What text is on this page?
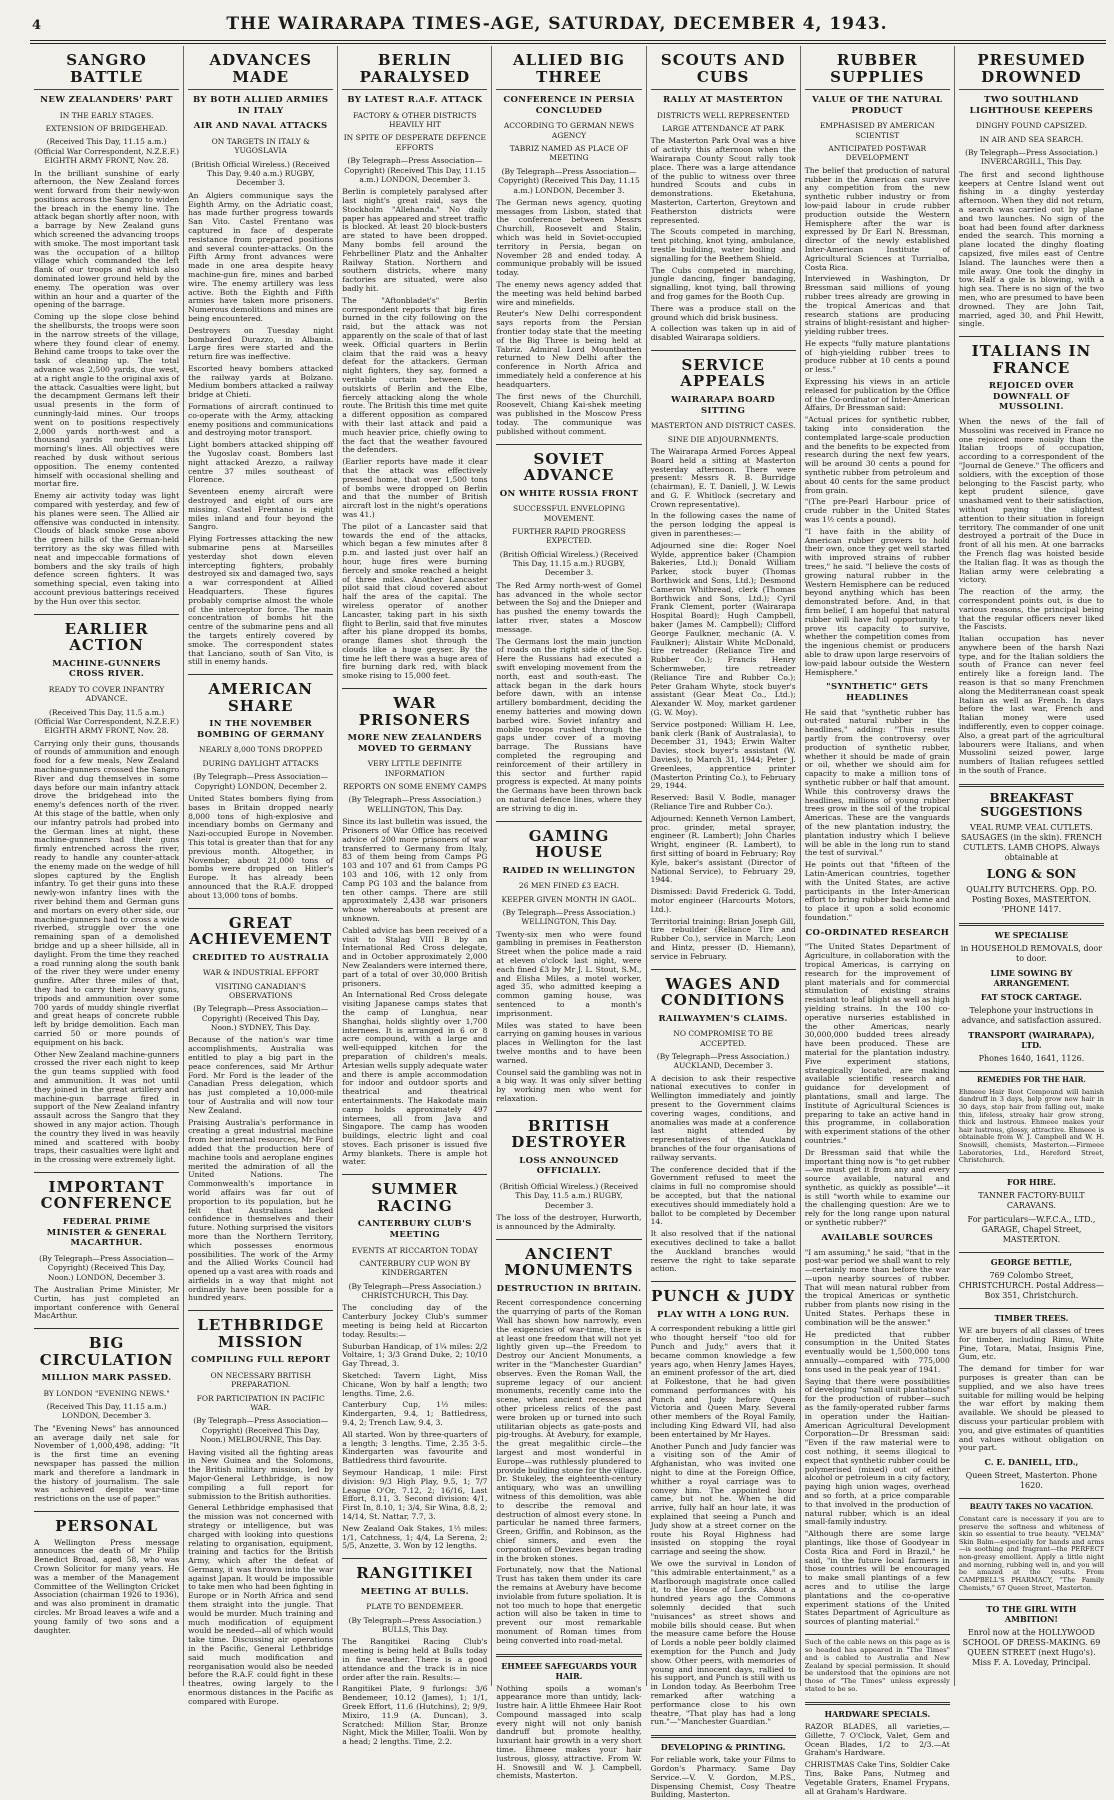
4	THE WAIRARAPA TIMES-AGE, SATURDAY, DECEMBER 4, 1943.
SANGRO BATTLE
NEW ZEALANDERS' PART
IN THE EARLY STAGES.
EXTENSION OF BRIDGEHEAD.
(Received This Day, 11.15 a.m.) (Official War Correspondent, N.Z.E.F.) EIGHTH ARMY FRONT, Nov. 28.

In the brilliant sunshine of early afternoon, the New Zealand forces went forward from their newly-won positions across the Sangro to widen the breach in the enemy line. The attack began shortly after noon, with a barrage by New Zealand guns which screened the advancing troops with smoke. The most important task was the occupation of a hilltop village which commanded the left flank of our troops and which also dominated lower ground held by the enemy. The operation was over within an hour and a quarter of the opening of the barrage.

Coming up the slope close behind the shellbursts, the troops were soon in the narrow streets of the village, where they found clear of enemy. Behind came troops to take over the task of cleaning up. The total advance was 2,500 yards, due west, at a right angle to the original axis of the attack. Casualties were light, but the decampment Germans left their usual presents in the form of cunningly-laid mines. Our troops went on to positions respectively 2,000 yards north-west and a thousand yards north of this morning's lines. All objectives were reached by dusk without serious opposition. The enemy contented himself with occasional shelling and mortar fire.

Enemy air activity today was light compared with yesterday, and few of his planes were seen. The Allied air offensive was conducted in intensity. Clouds of black smoke rose above the green hills of the German-held territory as the sky was filled with neat and impeccable formations of bombers and the sky trails of high defence screen fighters. It was something special, even taking into account previous batterings received by the Hun over this sector.

EARLIER ACTION
MACHINE-GUNNERS CROSS RIVER.
READY TO COVER INFANTRY ADVANCE.
(Received This Day, 11.5 a.m.) (Official War Correspondent, N.Z.E.F.) EIGHTH ARMY FRONT, Nov. 28.

Carrying only their guns, thousands of rounds of ammunition and enough food for a few meals, New Zealand machine-gunners crossed the Sangro River and dug themselves in some days before our main infantry attack drove the bridgehead into the enemy's defences north of the river. At this stage of the battle, when only our infantry patrols had probed into the German lines at night, these machine-gunners had their guns firmly entrenched across the river, ready to handle any counter-attack the enemy made on the wedge of hill slopes captured by the English infantry. To get their guns into these newly-won infantry lines with the river behind them and German guns and mortars on every other side, our machine-gunners had to cross a wide riverbed, struggle over the one remaining span of a demolished bridge and up a sheer hillside, all in daylight. From the time they reached a road running along the south bank of the river they were under enemy gunfire. After three miles of that, they had to carry their heavy guns, tripods and ammunition over some 700 yards of muddy shingle riverflat and great heaps of concrete rubble left by bridge demolition. Each man carried 50 or more pounds of equipment on his back.

Other New Zealand machine-gunners crossed the river each night to keep the gun teams supplied with food and ammunition. It was not until they joined in the great artillery and machine-gun barrage fired in support of the New Zealand infantry assault across the Sangro that they showed in any major action. Though the country they lived in was heavily mined and scattered with booby traps, their casualties were light and in the crossing were extremely light.

IMPORTANT CONFERENCE
FEDERAL PRIME MINISTER & GENERAL MACARTHUR.
(By Telegraph—Press Association—Copyright) (Received This Day, Noon.) LONDON, December 3.

The Australian Prime Minister, Mr Curtin, has just completed an important conference with General MacArthur.

BIG CIRCULATION
MILLION MARK PASSED.
BY LONDON "EVENING NEWS."
(Received This Day, 11.15 a.m.) LONDON, December 3.

The "Evening News" has announced an average daily net sale for November of 1,000,498, adding: "It is the first time an evening newspaper has passed the million mark and therefore a landmark in the history of journalism. The sale was achieved despite war-time restrictions on the use of paper."

PERSONAL

A Wellington Press message announces the death of Mr Philip Benedict Broad, aged 58, who was Crown Solicitor for many years. He was a member of the Management Committee of the Wellington Cricket Association (chairman 1926 to 1936), and was also prominent in dramatic circles. Mr Broad leaves a wife and a young family of two sons and a daughter.

ADVANCES MADE
BY BOTH ALLIED ARMIES IN ITALY
AIR AND NAVAL ATTACKS
ON TARGETS IN ITALY & YUGOSLAVIA
(British Official Wireless.) (Received This Day, 9.40 a.m.) RUGBY, December 3.

An Algiers communique says the Eighth Army, on the Adriatic coast, has made further progress towards San Vito. Castel Frentano was captured in face of desperate resistance from prepared positions and several counter-attacks. On the Fifth Army front advances were made in one area despite heavy machine-gun fire, mines and barbed wire. The enemy artillery was less active. Both the Eighth and Fifth armies have taken more prisoners. Numerous demolitions and mines are being encountered.

Destroyers on Tuesday night bombarded Durazzo, in Albania. Large fires were started and the return fire was ineffective.

Escorted heavy bombers attacked the railway yards at Bolzano. Medium bombers attacked a railway bridge at Chieti.

Formations of aircraft continued to co-operate with the Army, attacking enemy positions and communications and destroying motor transport.

Light bombers attacked shipping off the Yugoslav coast. Bombers last night attacked Arezzo, a railway centre 37 miles southeast of Florence.

Seventeen enemy aircraft were destroyed and eight of ours are missing. Castel Frentano is eight miles inland and four beyond the Sangro.

Flying Fortresses attacking the new submarine pens at Marseilles yesterday shot down eleven intercepting fighters, probably destroyed six and damaged two, says a war correspondent at Allied Headquarters. These figures probably comprise almost the whole of the interceptor force. The main concentration of bombs hit the centre of the submarine pens and all the targets entirely covered by smoke. The correspondent states that Lanciano, south of San Vito, is still in enemy hands.

AMERICAN SHARE
IN THE NOVEMBER BOMBING OF GERMANY
NEARLY 8,000 TONS DROPPED
DURING DAYLIGHT ATTACKS
(By Telegraph—Press Association—Copyright) LONDON, December 2.

United States bombers flying from bases in Britain dropped nearly 8,000 tons of high-explosive and incendiary bombs on Germany and Nazi-occupied Europe in November. This total is greater than that for any previous month. Altogether, in November, about 21,000 tons of bombs were dropped on Hitler's Europe. It has already been announced that the R.A.F. dropped about 13,000 tons of bombs.

GREAT ACHIEVEMENT
CREDITED TO AUSTRALIA
WAR & INDUSTRIAL EFFORT
VISITING CANADIAN'S OBSERVATIONS
(By Telegraph—Press Association—Copyright) (Received This Day, Noon.) SYDNEY, This Day.

Because of the nation's war time accomplishments, Australia was entitled to play a big part in the peace conferences, said Mr Arthur Ford. Mr Ford is the leader of the Canadian Press delegation, which has just completed a 10,000-mile tour of Australia and will now tour New Zealand.

Praising Australia's performance in creating a great industrial machine from her internal resources, Mr Ford added that the production here of machine tools and aeroplane engines merited the admiration of all the United Nations. The Commonwealth's importance in world affairs was far out of proportion to its population, but he felt that Australians lacked confidence in themselves and their future. Nothing surprised the visitors more than the Northern Territory, which possesses enormous possibilities. The work of the Army and the Allied Works Council had opened up a vast area with roads and airfields in a way that might not ordinarily have been possible for a hundred years.

LETHBRIDGE MISSION
COMPILING FULL REPORT
ON NECESSARY BRITISH PREPARATION.
FOR PARTICIPATION IN PACIFIC WAR.
(By Telegraph—Press Association—Copyright) (Received This Day, Noon.) MELBOURNE, This Day.

Having visited all the fighting areas in New Guinea and the Solomons, the British military mission, led by Major-General Lethbridge, is now compiling a full report for submission to the British authorities.

General Lethbridge emphasised that the mission was not concerned with strategy or intelligence, but was charged with looking into questions relating to organisation, equipment, training and tactics for the British Army, which after the defeat of Germany, it was thrown into the war against Japan. It would be impossible to take men who had been fighting in Europe or in North Africa and send them straight into the jungle. That would be murder. Much training and much modification of equipment would be needed—all of which would take time. Discussing air operations in the Pacific, General Lethbridge said much modification and reorganisation would also be needed before the R.A.F. could fight in these theatres, owing largely to the enormous distances in the Pacific as compared with Europe.

BERLIN PARALYSED
BY LATEST R.A.F. ATTACK
FACTORY & OTHER DISTRICTS HEAVILY HIT
IN SPITE OF DESPERATE DEFENCE EFFORTS
(By Telegraph—Press Association—Copyright) (Received This Day, 11.15 a.m.) LONDON, December 3.

Berlin is completely paralysed after last night's great raid, says the Stockholm "Allehanda." No daily paper has appeared and street traffic is blocked. At least 20 block-busters are stated to have been dropped. Many bombs fell around the Fehrbelliner Platz and the Anhalter Railway Station. Northern and southern districts, where many factories are situated, were also badly hit.

The "Aftonbladet's" Berlin correspondent reports that big fires burned in the city following on the raid, but the attack was not apparently on the scale of that of last week. Official quarters in Berlin claim that the raid was a heavy defeat for the attackers. German night fighters, they say, formed a veritable curtain between the outskirts of Berlin and the Elbe, fiercely attacking along the whole route. The British this time met quite a different opposition as compared with their last attack and paid a much heavier price, chiefly owing to the fact that the weather favoured the defenders.

(Earlier reports have made it clear that the attack was effectively pressed home, that over 1,500 tons of bombs were dropped on Berlin and that the number of British aircraft lost in the night's operations was 41.)

The pilot of a Lancaster said that towards the end of the attacks, which began a few minutes after 8 p.m. and lasted just over half an hour, huge fires were burning fiercely and smoke reached a height of three miles. Another Lancaster pilot said that cloud covered about half the area of the capital. The wireless operator of another Lancaster, taking part in his sixth flight to Berlin, said that five minutes after his plane dropped its bombs, orange flames shot through the clouds like a huge geyser. By the time he left there was a huge area of fire burning dark red, with black smoke rising to 15,000 feet.

WAR PRISONERS
MORE NEW ZEALANDERS MOVED TO GERMANY
VERY LITTLE DEFINITE INFORMATION
REPORTS ON SOME ENEMY CAMPS
(By Telegraph—Press Association.) WELLINGTON, This Day.

Since its last bulletin was issued, the Prisoners of War Office has received advice of 200 more prisoners of war transferred to Germany from Italy, 83 of them being from Camps PG 103 and 107 and 61 from Camps PG 103 and 106, with 12 only from Camp PG 103 and the balance from ten other camps. There are still approximately 2,438 war prisoners whose whereabouts at present are unknown.

Cabled advice has been received of a visit to Stalag VIII B by an International Red Cross delegate, and in October approximately 2,000 New Zealanders were interned there, part of a total of over 30,000 British prisoners.

An International Red Cross delegate visiting Japanese camps states that the camp of Lunghua, near Shanghai, holds slightly over 1,700 internees. It is arranged in 6 or 8 acre compound, with a large and well-equipped kitchen for the preparation of children's meals. Artesian wells supply adequate water and there is ample accommodation for indoor and outdoor sports and theatrical and theatrical entertainments. The Hakodate main camp holds approximately 497 internees, all from Java and Singapore. The camp has wooden buildings, electric light and coal stoves. Each prisoner is issued five Army blankets. There is ample hot water.

SUMMER RACING
CANTERBURY CLUB'S MEETING
EVENTS AT RICCARTON TODAY
CANTERBURY CUP WON BY KINDERGARTEN
(By Telegraph—Press Association.) CHRISTCHURCH, This Day.

The concluding day of the Canterbury Jockey Club's summer meeting is being held at Riccarton today. Results:—

Suburban Handicap, of 1¼ miles: 2/2 Voltaire, 1; 3/3 Grand Duke, 2; 10/10 Gay Thread, 3.

Sketched: Tavern Light, Miss Chicane, Won by half a length; two lengths. Time, 2.6.

Canterbury Cup, 1½ miles: Kindergarten, 9.4, 1; Battledress, 9.4, 2; Trench Law, 9.4, 3.

All started. Won by three-quarters of a length; 3 lengths. Time, 2.35 3-5. Kindergarten was favourite and Battledress third favourite.

Seymour Handicap, 1 mile: First division: 9/3 High Play, 9.5, 1; 7/7 League O'Or, 7.12, 2; 16/16, Last Effort, 8.11, 3. Second division: 4/1, First In, 8.10, 1; 3/4, Sir Wina, 8.8, 2; 14/14, St. Nattar, 7.7, 3.

New Zealand Oak Stakes, 1½ miles: 1/1, Catchness, 1; 4/4, La Serena, 2; 5/5, Anzette, 3. Won by 12 lengths.

RANGITIKEI
MEETING AT BULLS.
PLATE TO BENDEMEER.
(By Telegraph—Press Association.) BULLS, This Day.

The Rangitikei Racing Club's meeting is being held at Bulls today in fine weather. There is a good attendance and the track is in nice order after the rain. Results:—

Rangitikei Plate, 9 furlongs: 3/6 Bendemeer, 10.12 (James), 1; 1/1, Greek Effort, 11.6 (Hutchins), 2; 9/9, Mixiro, 11.9 (A. Duncan), 3. Scratched: Million Star, Bronze Night, Mick the Miller, Toalii. Won by a head; 2 lengths. Time, 2.2.

ALLIED BIG THREE
CONFERENCE IN PERSIA CONCLUDED
ACCORDING TO GERMAN NEWS AGENCY
TABRIZ NAMED AS PLACE OF MEETING
(By Telegraph—Press Association—Copyright) (Received This Day, 11.15 a.m.) LONDON, December 3.

The German news agency, quoting messages from Lisbon, stated that the conference between Messrs Churchill, Roosevelt and Stalin, which was held in Soviet-occupied territory in Persia, began on November 28 and ended today. A communique probably will be issued today.

The enemy news agency added that the meeting was held behind barbed wire and minefields.

Reuter's New Delhi correspondent says reports from the Persian frontier today state that the meeting of the Big Three is being held at Tabriz. Admiral Lord Mountbatten returned to New Delhi after the conference in North Africa and immediately held a conference at his headquarters.

The first news of the Churchill, Roosevelt, Chiang Kai-shek meeting was published in the Moscow Press today. The communique was published without comment.

SOVIET ADVANCE
ON WHITE RUSSIA FRONT
SUCCESSFUL ENVELOPING MOVEMENT.
FURTHER RAPID PROGRESS EXPECTED.
(British Official Wireless.) (Received This Day, 11.15 a.m.) RUGBY, December 3.

The Red Army north-west of Gomel has advanced in the whole sector between the Soj and the Dnieper and has pushed the enemy towards the latter river, states a Moscow message.

The Germans lost the main junction of roads on the right side of the Soj. Here the Russians had executed a swift enveloping movement from the north, east and south-east. The attack began in the dark hours before dawn, with an intense artillery bombardment, deciding the enemy batteries and mowing down barbed wire. Soviet infantry and mobile troops rushed through the gaps under cover of a moving barrage. The Russians have completed the regrouping and reinforcement of their artillery in this sector and further rapid progress is expected. At many points the Germans have been thrown back on natural defence lines, where they are striving to dig in.

GAMING HOUSE
RAIDED IN WELLINGTON
26 MEN FINED £3 EACH.
KEEPER GIVEN MONTH IN GAOL.
(By Telegraph—Press Association.) WELLINGTON, This Day.

Twenty-six men who were found gambling in premises in Featherston Street when the police made a raid at eleven o'clock last night, were each fined £3 by Mr J. L. Stout, S.M., and Elisha Miles, a motel worker, aged 35, who admitted keeping a common gaming house, was sentenced to a month's imprisonment.

Miles was stated to have been carrying on gaming houses in various places in Wellington for the last twelve months and to have been warned.

Counsel said the gambling was not in a big way. It was only silver betting by working men who went for relaxation.

BRITISH DESTROYER
LOSS ANNOUNCED OFFICIALLY.
(British Official Wireless.) (Received This Day, 11.5 a.m.) RUGBY, December 3.

The loss of the destroyer, Hurworth, is announced by the Admiralty.

ANCIENT MONUMENTS
DESTRUCTION IN BRITAIN.

Recent correspondence concerning the quarrying of parts of the Roman Wall has shown how narrowly, even the exigencies of war-time, there is at least one freedom that will not yet lightly given up—the Freedom to Destroy our Ancient Monuments, a writer in the "Manchester Guardian" observes. Even the Roman Wall, the supreme legacy of our ancient monuments, recently came into the scene, when ancient recesses and other priceless relics of the past were broken up or turned into such utilitarian objects as gate-posts and pig-troughs. At Avebury, for example, the great megalithic circle—the largest and most wonderful in Europe—was ruthlessly plundered to provide building stone for the village. Dr. Stukeley, the eighteenth-century antiquary, who was an unwilling witness of this demolition, was able to describe the removal and destruction of almost every stone. In particular he named three farmers, Green, Griffin, and Robinson, as the chief sinners, and even the corporation of Devizes began trading in the broken stones.

Fortunately, now that the National Trust has taken them under its care the remains at Avebury have become inviolable from future spoliation. It is not too much to hope that energetic action will also be taken in time to prevent our most remarkable monument of Roman times from being converted into road-metal.

EHMEEE SAFEGUARDS YOUR HAIR.
Nothing spoils a woman's appearance more than untidy, lack-lustre hair. A little Ehmeee Hair Root Compound massaged into scalp every night will not only banish dandruff but promote healthy, luxuriant hair growth in a very short time. Ehmeee makes your hair lustrous, glossy, attractive. From W. H. Snowsill and W. J. Campbell, chemists, Masterton.
SCOUTS AND CUBS
RALLY AT MASTERTON
DISTRICTS WELL REPRESENTED
LARGE ATTENDANCE AT PARK

The Masterton Park Oval was a hive of activity this afternoon when the Wairarapa County Scout rally took place. There was a large attendance of the public to witness over three hundred Scouts and cubs in demonstrations. Eketahuna, Masterton, Carterton, Greytown and Featherston districts were represented.

The Scouts competed in marching, tent pitching, knot tying, ambulance, trestle building, water boiling and signalling for the Beethem Shield.

The Cubs competed in marching, jungle dancing, finger bandaging, signalling, knot tying, ball throwing and frog games for the Booth Cup.

There was a produce stall on the ground which did brisk business.

A collection was taken up in aid of disabled Wairarapa soldiers.

SERVICE APPEALS
WAIRARAPA BOARD SITTING
MASTERTON AND DISTRICT CASES.
SINE DIE ADJOURNMENTS.

The Wairarapa Armed Forces Appeal Board held a sitting at Masterton yesterday afternoon. There were present: Messrs R. B. Burridge (chairman), E. T. Daniell, J. W. Lewis and G. F. Whitlock (secretary and Crown representative).

In the following cases the name of the person lodging the appeal is given in parentheses:—

Adjourned sine die: Roger Noel Wylde, apprentice baker (Champion Bakeries, Ltd.); Donald William Parker, stock buyer (Thomas Borthwick and Sons, Ltd.); Desmond Cameron Whitbread, clerk (Thomas Borthwick and Sons, Ltd.); Cyril Frank Clement, porter (Wairarapa Hospital Board); Hugh Campbell, baker (James M. Campbell); Clifford George Faulkner, mechanic (A. V. Faulkner); Alistair White McDonald, tire retreader (Reliance Tire and Rubber Co.); Francis Henry Schermweber, tire retreader (Reliance Tire and Rubber Co.); Peter Graham Whyte, stock buyer's assistant (Gear Meat Co., Ltd.); Alexander W. Moy, market gardener (G. W. Moy).

Service postponed: William H. Lee, bank clerk (Bank of Australasia), to December 31, 1943; Erwin Walter Davies, stock buyer's assistant (W. Davies), to March 31, 1944; Peter J. Greenlees, apprentice printer (Masterton Printing Co.), to February 29, 1944.

Reserved: Basil V. Bodle, manager (Reliance Tire and Rubber Co.).

Adjourned: Kenneth Vernon Lambert, proc. grinder, metal sprayer, engineer (R. Lambert); John Charles Wright, engineer (R. Lambert), to first sitting of board in February; Roy Kyle, baker's assistant (Director of National Service), to February 29, 1944.

Dismissed: David Frederick G. Todd, motor engineer (Harcourts Motors, Ltd.).

Territorial training: Brian Joseph Gill, tire rebuilder (Reliance Tire and Rubber Co.), service in March; Leon and Hintz, presser (D. Hiemann), service in February.

WAGES AND CONDITIONS
RAILWAYMEN'S CLAIMS.
NO COMPROMISE TO BE ACCEPTED.
(By Telegraph—Press Association.) AUCKLAND, December 3.

A decision to ask their respective national executives to confer in Wellington immediately and jointly present to the Government claims covering wages, conditions, and anomalies was made at a conference last night attended by representatives of the Auckland branches of the four organisations of railway servants.

The conference decided that if the Government refused to meet the claims in full no compromise should be accepted, but that the national executives should immediately hold a ballot to be completed by December 14.

It also resolved that if the national executives declined to take a ballot the Auckland branches would reserve the right to take separate action.

PUNCH & JUDY
PLAY WITH A LONG RUN.

A correspondent rebuking a little girl who thought herself "too old for Punch and Judy," avers that it became common knowledge a few years ago, when Henry James Hayes, an eminent professor of the art, died at Folkestone, that he had given command performances with his Punch and Judy before Queen Victoria and Queen Mary. Several other members of the Royal Family, including King Edward VII, had also been entertained by Mr Hayes.

Another Punch and Judy fancier was a visiting son of the Amir of Afghanistan, who was invited one night to dine at the Foreign Office, whither a royal carriage was to convey him. The appointed hour came, but not he. When he did arrive, fully half an hour late, it was explained that seeing a Punch and Judy show at a street corner on the route his Royal Highness had insisted on stopping the royal carriage and seeing the show.

We owe the survival in London of "this admirable entertainment," as a Marlborough magistrate once called it, to the House of Lords. About a hundred years ago the Commons solemnly decided that such "nuisances" as street shows and mobile bills should cease. But when the measure came before the House of Lords a noble peer boldly claimed exemption for the Punch and Judy show. Other peers, with memories of young and innocent days, rallied to his support, and Punch is still with us in London today. As Beerbohm Tree remarked after watching a performance close to his own theatre, "That play has had a long run."—"Manchester Guardian."

DEVELOPING & PRINTING.
For reliable work, take your Films to Gordon's Pharmacy. Same Day Service.—V. V. Gordon, M.P.S., Dispensing Chemist, Cosy Theatre Building, Masterton.
RUBBER SUPPLIES
VALUE OF THE NATURAL PRODUCT
EMPHASISED BY AMERICAN SCIENTIST
ANTICIPATED POST-WAR DEVELOPMENT

The belief that production of natural rubber in the Americas can survive any competition from the new synthetic rubber industry or from low-paid labour in crude rubber production outside the Western Hemisphere after the war is expressed by Dr Earl N. Bressman, director of the newly established Inter-American Institute of Agricultural Sciences at Turrialba, Costa Rica.

Interviewed in Washington, Dr Bressman said millions of young rubber trees already are growing in the tropical Americas and that research stations are producing strains of blight-resistant and higher-yielding rubber trees.

He expects "fully mature plantations of high-yielding rubber trees to produce rubber at 10 cents a pound or less."

Expressing his views in an article released for publication by the Office of the Co-ordinator of Inter-American Affairs, Dr Bressman said:

"Actual prices for synthetic rubber, taking into consideration the contemplated large-scale production and the benefits to be expected from research during the next few years, will be around 30 cents a pound for synthetic rubber from petroleum and about 40 cents for the same product from grain.

"(The pre-Pearl Harbour price of crude rubber in the United States was 1½ cents a pound).

"I have faith in the ability of American rubber growers to hold their own, once they get well started with improved strains of rubber trees," he said. "I believe the costs of growing natural rubber in the Western Hemisphere can be reduced beyond anything which has been demonstrated before. And, in that firm belief, I am hopeful that natural rubber will have full opportunity to prove its capacity to survive, whether the competition comes from the ingenious chemist or producers able to draw upon large reservoirs of low-paid labour outside the Western Hemisphere."

"SYNTHETIC" GETS HEADLINES

He said that "synthetic rubber has out-rated natural rubber in the headlines," adding: "This results partly from the controversy over production of synthetic rubber, whether it should be made of grain or oil, whether we should aim for capacity to make a million tons of synthetic rubber or half that amount. While this controversy draws the headlines, millions of young rubber trees grow in the soil of the tropical Americas. These are the vanguards of the new plantation industry, the plantation industry which I believe will be able in the long run to stand the test of survival."

He points out that "fifteen of the Latin-American countries, together with the United States, are active participants in the Inter-American effort to bring rubber back home and to place it upon a solid economic foundation."

CO-ORDINATED RESEARCH

"The United States Department of Agriculture, in collaboration with the tropical Americas, is carrying on research for the improvement of plant materials and for commercial stimulation of existing strains resistant to leaf blight as well as high yielding strains. In the 100 co-operative nurseries established in the other Americas, nearly 30,000,000 budded trees already have been produced. These are material for the plantation industry. Five experiment stations, strategically located, are making available scientific research and guidance for development of plantations, small and large. The Institute of Agricultural Sciences is preparing to take an active hand in this programme, in collaboration with experiment stations of the other countries."

Dr Bressman said that while the important thing now is "to get rubber—we must get it from any and every source available, natural and synthetic, as quickly as possible"—it is still "worth while to examine our the challenging question: Are we to rely for the long range upon natural or synthetic rubber?"

AVAILABLE SOURCES

"I am assuming," he said, "that in the post-war period we shall want to rely—certainly more than before the war—upon nearby sources of rubber. That will mean natural rubber from the tropical Americas or synthetic rubber from plants now rising in the United States. Perhaps these in combination will be the answer."

He predicted that rubber consumption in the United States eventually would be 1,500,000 tons annually—compared with 775,000 tons used in the peak year of 1941.

Saying that there were possibilities of developing "small unit plantations" for the production of rubber—such as the family-operated rubber farms in operation under the Haitian-American Agricultural Development Corporation—Dr Bressman said: "Even if the raw material were to cost nothing, it seems illogical to expect that synthetic rubber could be polymerised (mixed) out of either alcohol or petroleum in a city factory, paying high union wages, overhead and so forth, at a price comparable to that involved in the production of natural rubber, which is an ideal small-family industry.

"Although there are some large plantings, like those of Goodyear in Costa Rica and Ford in Brazil," he said, "in the future local farmers in those countries will be encouraged to make small plantings of a few acres and to utilise the large plantations and the co-operative experiment stations of the United States Department of Agriculture as sources of planting material."

Such of the cable news on this page as is so headed has appeared in "The Times" and is cabled to Australia and New Zealand by special permission. It should be understood that the opinions are not those of "The Times" unless expressly stated to be so.

HARDWARE SPECIALS.
RAZOR BLADES, all varieties,—Gillette, 7 O'Clock, Valet, Gem and Ocean Blades, 1/2 to 2/3.—At Graham's Hardware.
CHRISTMAS Cake Tins, Soldier Cake Tins, Bake Pans, Nutmeg and Vegetable Graters, Enamel Frypans, all at Graham's Hardware.
PRESUMED DROWNED
TWO SOUTHLAND LIGHTHOUSE KEEPERS
DINGHY FOUND CAPSIZED.
IN AIR AND SEA SEARCH.
(By Telegraph—Press Association.) INVERCARGILL, This Day.

The first and second lighthouse keepers at Centre Island went out fishing in a dinghy yesterday afternoon. When they did not return, a search was carried out by plane and two launches. No sign of the boat had been found after darkness ended the search. This morning a plane located the dinghy floating capsized, five miles east of Centre Island. The launches were then a mile away. One took the dinghy in tow. Half a gale is blowing, with a high sea. There is no sign of the two men, who are presumed to have been drowned. They are John Tait, married, aged 30, and Phil Hewitt, single.

ITALIANS IN FRANCE
REJOICED OVER DOWNFALL OF MUSSOLINI.

When the news of the fall of Mussolini was received in France no one rejoiced more noisily than the Italian troops of occupation, according to a correspondent of the "Journal de Geneve." The officers and soldiers, with the exception of those belonging to the Fascist party, who kept prudent silence, gave unashamed vent to their satisfaction, without paying the slightest attention to their situation in foreign territory. The commander of one unit destroyed a portrait of the Duce in front of all his men. At one barracks the French flag was hoisted beside the Italian flag. It was as though the Italian army were celebrating a victory.

The reaction of the army, the correspondent points out, is due to various reasons, the principal being that the regular officers never liked the Fascists.

Italian occupation has never anywhere been of the harsh Nazi type, and for the Italian soldiers the south of France can never feel entirely like a foreign land. The reason is that so many Frenchmen along the Mediterranean coast speak Italian as well as French. In days before the last war, French and Italian money were used indifferently, even to copper coinage. Also, a great part of the agricultural labourers were Italians, and when Mussolini seized power, large numbers of Italian refugees settled in the south of France.

BREAKFAST SUGGESTIONS
VEAL RUMP. VEAL CUTLETS. SAUSAGES (in the skin). FRENCH CUTLETS. LAMB CHOPS. Always obtainable at
LONG & SON
QUALITY BUTCHERS. Opp. P.O. Posting Boxes, MASTERTON. 'PHONE 1417.
WE SPECIALISE
in HOUSEHOLD REMOVALS, door to door.
LIME SOWING BY ARRANGEMENT.
FAT STOCK CARTAGE.
Telephone your instructions in advance, and satisfaction assured.
TRANSPORT (WAIRARAPA), LTD.
Phones 1640, 1641, 1126.
REMEDIES FOR THE HAIR.
Ehmeee Hair Root Compound will banish dandruff in 3 days, help grow new hair in 30 days, stop hair from falling out, make thin, lifeless, streaky hair grow strong, thick and lustrous. Ehmeee makes your hair lustrous, glossy, attractive. Ehmeee is obtainable from W. J. Campbell and W. H. Snowsill, chemists, Masterton.—Firmeee Laboratories, Ltd., Hereford Street, Christchurch.
FOR HIRE.
TANNER FACTORY-BUILT CARAVANS.
For particulars—W.F.C.A., LTD., GARAGE, Chapel Street, MASTERTON.
GEORGE BETTLE,
769 Colombo Street, CHRISTCHURCH. Postal Address—Box 351, Christchurch.
TIMBER TREES.
WE are buyers of all classes of trees for timber, including Rimu, White Pine, Totara, Matai, Insignis Pine, Gum, etc.
The demand for timber for war purposes is greater than can be supplied, and we also have trees suitable for milling would be helping the war effort by making them available. We should be pleased to discuss your particular problem with you, and give estimates of quantities and values without obligation on your part.
C. E. DANIELL, LTD.,
Queen Street, Masterton. Phone 1620.
BEAUTY TAKES NO VACATION.
Constant care is necessary if you are to preserve the softness and whiteness of skin so essential to true beauty. "VELMA" Skin Balm—especially for hands and arms—is soothing and fragrant—the PERFECT non-greasy emollient. Apply a little night and morning, rubbing well in, and you will be amazed at the results. From CAMPBELL'S PHARMACY, "The Family Chemists," 67 Queen Street, Masterton.
TO THE GIRL WITH AMBITION!
Enrol now at the HOLLYWOOD SCHOOL OF DRESS-MAKING. 69 QUEEN STREET (next Hugo's). Miss F. A. Loveday, Principal.
